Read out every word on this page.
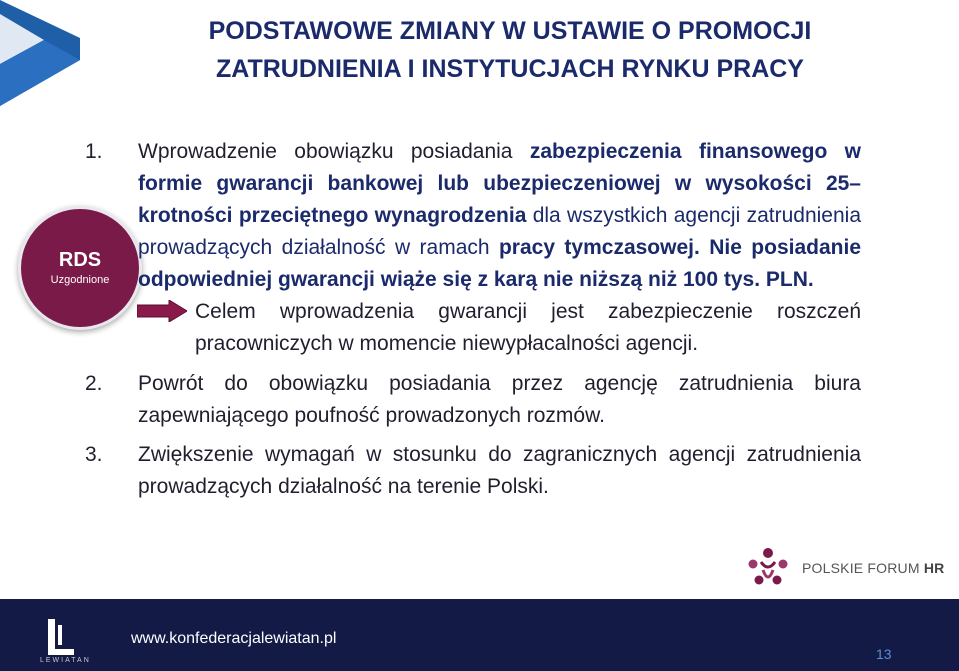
PODSTAWOWE ZMIANY W USTAWIE O PROMOCJI
ZATRUDNIENIA I INSTYTUCJACH RYNKU PRACY
RDS
Uzgodnione
1. Wprowadzenie obowiązku posiadania zabezpieczenia finansowego w formie gwarancji bankowej lub ubezpieczeniowej w wysokości 25–krotności przeciętnego wynagrodzenia dla wszystkich agencji zatrudnienia prowadzących działalność w ramach pracy tymczasowej. Nie posiadanie odpowiedniej gwarancji wiąże się z karą nie niższą niż 100 tys. PLN.
Celem wprowadzenia gwarancji jest zabezpieczenie roszczeń pracowniczych w momencie niewypłacalności agencji.
2. Powrót do obowiązku posiadania przez agencję zatrudnienia biura zapewniającego poufność prowadzonych rozmów.
3. Zwiększenie wymagań w stosunku do zagranicznych agencji zatrudnienia prowadzących działalność na terenie Polski.
POLSKIE FORUM HR
LEWIATAN
www.konfederacjalewiatan.pl
13
